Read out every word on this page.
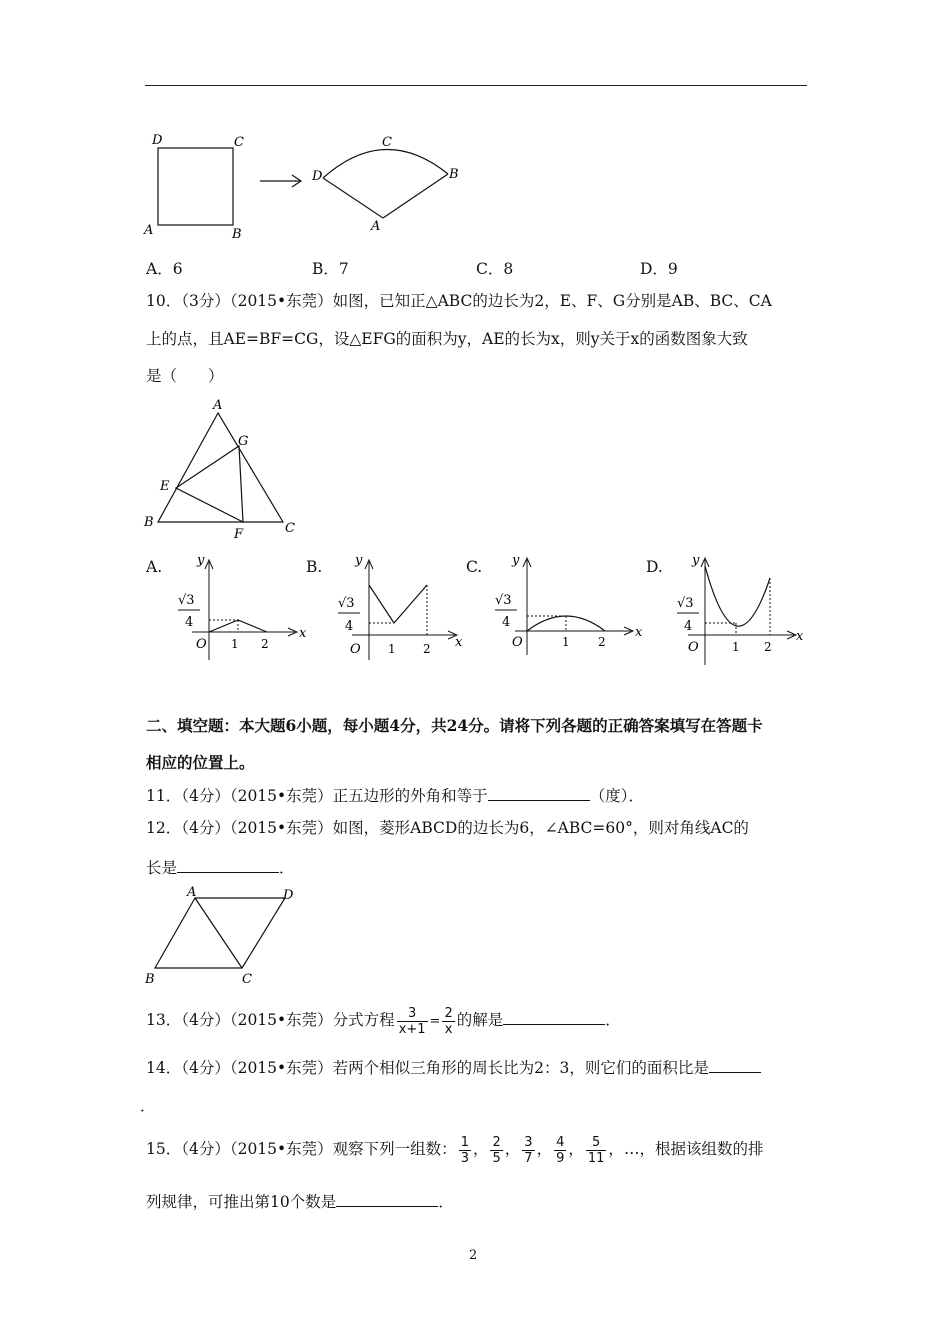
D	C
A	B
C
D	B
A
A．6	B．7	C．8	D．9
10．（3分）（2015•东莞）如图，已知正△ABC的边长为2，E、F、G分别是AB、BC、CA
上的点，且AE=BF=CG，设△EFG的面积为y，AE的长为x，则y关于x的函数图象大致
是（　　）
A
G
E
B
F	C
A.	B.	C.	D.
y
x
O 1 2
√3
4
y
x
O 1 2
√3
4
y
x
O	1 2
√3
4
y
x
O	1 2
√3
4
二、填空题：本大题6小题，每小题4分，共24分。请将下列各题的正确答案填写在答题卡
相应的位置上。
11．（4分）（2015•东莞）正五边形的外角和等于	（度）．
12．（4分）（2015•东莞）如图，菱形ABCD的边长为6，∠ABC=60°，则对角线AC的
长是	．
A	D
B	C
13．（4分）（2015•东莞）分式方程 $\frac{3}{x+1} = \frac{2}{x}$ 的解是	．
14．（4分）（2015•东莞）若两个相似三角形的周长比为2：3，则它们的面积比是
．
15．（4分）（2015•东莞）观察下列一组数： $\frac{1}{3}$ ， $\frac{2}{5}$ ， $\frac{3}{7}$ ， $\frac{4}{9}$ ， $\frac{5}{11}$ ，…，根据该组数的排
列规律，可推出第10个数是	．
2
